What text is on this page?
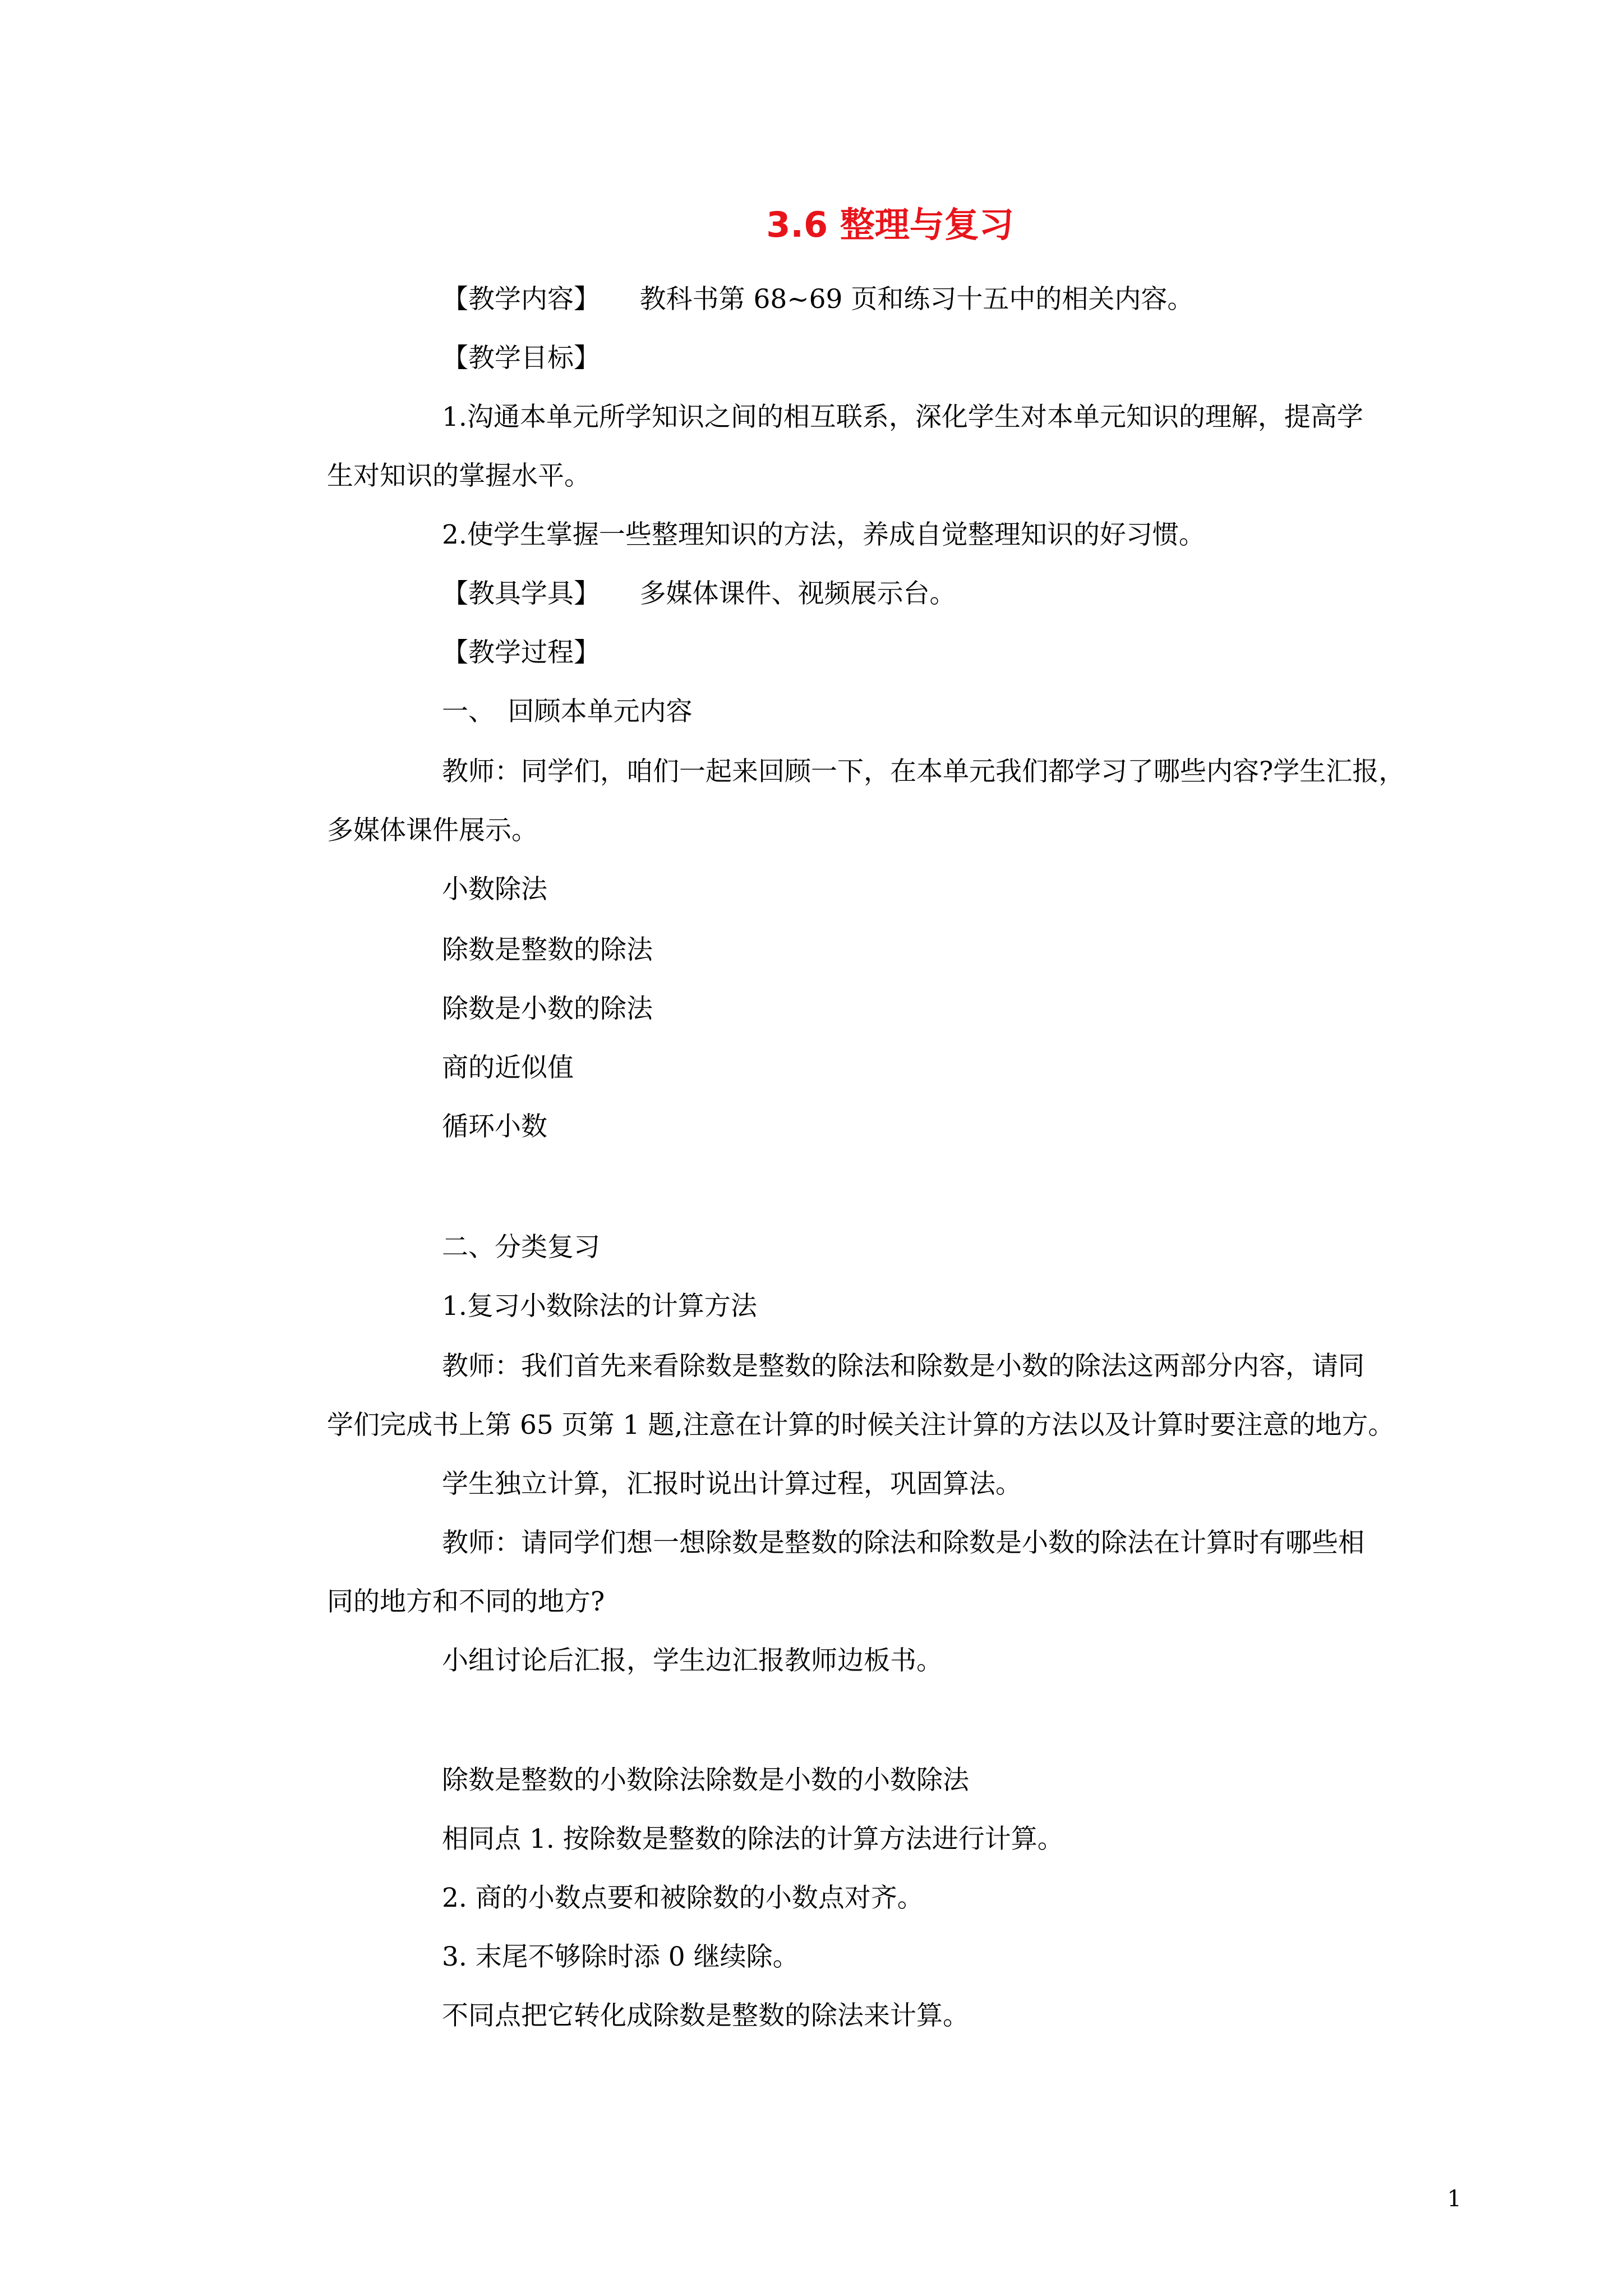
3.6 整理与复习
【教学内容】　　教科书第 68~69 页和练习十五中的相关内容。
【教学目标】
1.沟通本单元所学知识之间的相互联系，深化学生对本单元知识的理解，提高学
生对知识的掌握水平。
2.使学生掌握一些整理知识的方法，养成自觉整理知识的好习惯。
【教具学具】　　多媒体课件、视频展示台。
【教学过程】
一、　回顾本单元内容
教师：同学们，咱们一起来回顾一下，在本单元我们都学习了哪些内容?学生汇报，
多媒体课件展示。
小数除法
除数是整数的除法
除数是小数的除法
商的近似值
循环小数
二、分类复习
1.复习小数除法的计算方法
教师：我们首先来看除数是整数的除法和除数是小数的除法这两部分内容，请同
学们完成书上第 65 页第 1 题,注意在计算的时候关注计算的方法以及计算时要注意的地方。
学生独立计算，汇报时说出计算过程，巩固算法。
教师：请同学们想一想除数是整数的除法和除数是小数的除法在计算时有哪些相
同的地方和不同的地方?
小组讨论后汇报，学生边汇报教师边板书。
除数是整数的小数除法除数是小数的小数除法
相同点 1. 按除数是整数的除法的计算方法进行计算。
2. 商的小数点要和被除数的小数点对齐。
3. 末尾不够除时添 0 继续除。
不同点把它转化成除数是整数的除法来计算。
1
